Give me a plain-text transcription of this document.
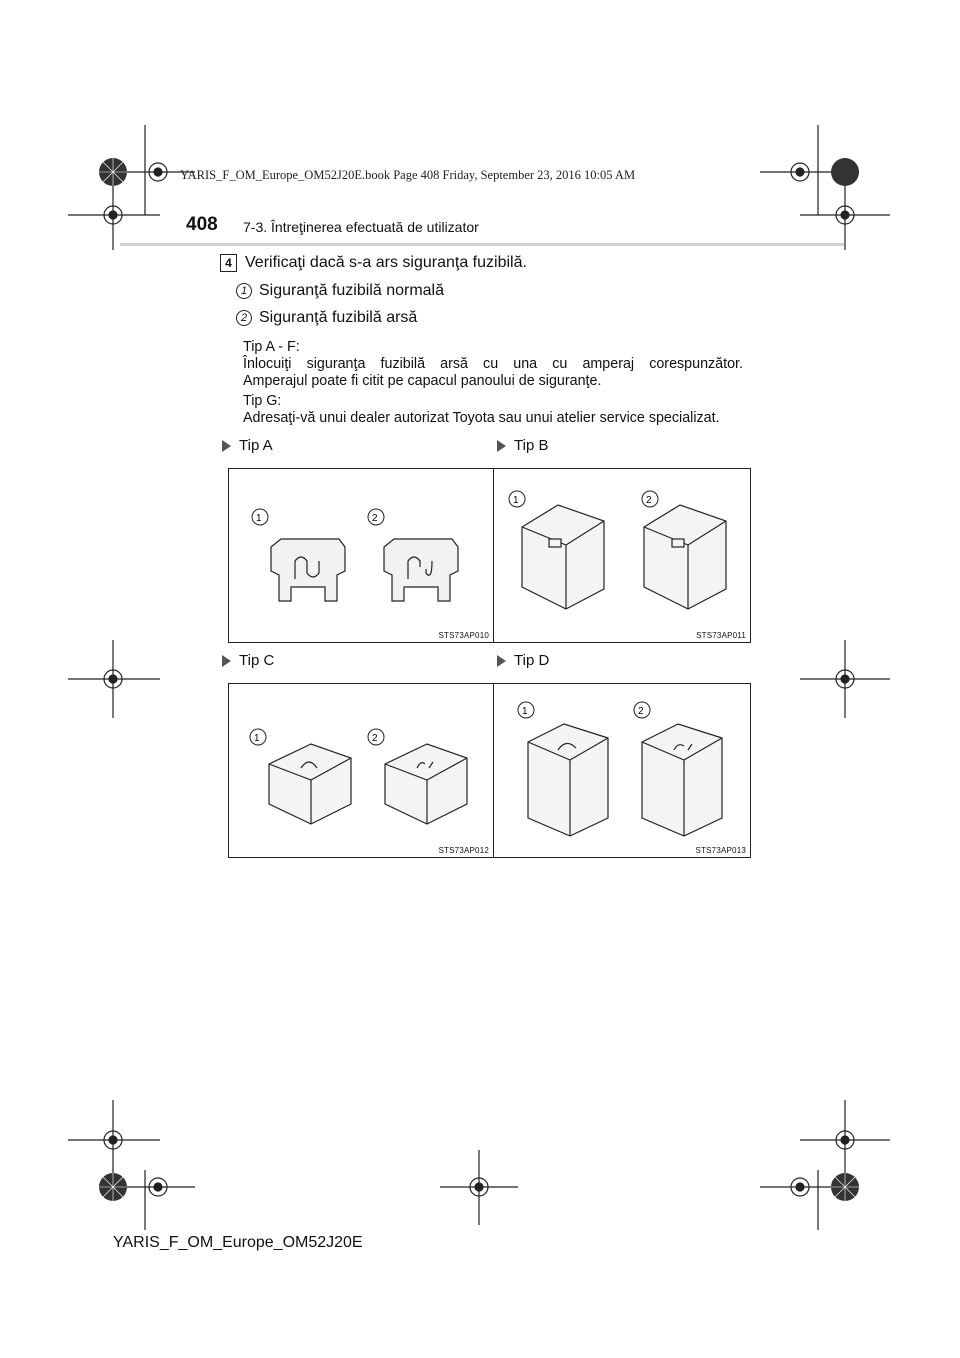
YARIS_F_OM_Europe_OM52J20E.book Page 408 Friday, September 23, 2016 10:05 AM
408 7-3. Întreţinerea efectuată de utilizator
4 Verificaţi dacă s-a ars siguranţa fuzibilă.
1 Siguranţă fuzibilă normală
2 Siguranţă fuzibilă arsă
Tip A - F:
Înlocuiţi siguranţa fuzibilă arsă cu una cu amperaj corespunzător.
Amperajul poate fi citit pe capacul panoului de siguranţe.
Tip G:
Adresaţi-vă unui dealer autorizat Toyota sau unui atelier service specializat.
Tip A	Tip B
Tip C	Tip D
1	2
STS73AP010
1	2
STS73AP011
1	2
STS73AP012
1	2
STS73AP013
YARIS_F_OM_Europe_OM52J20E
